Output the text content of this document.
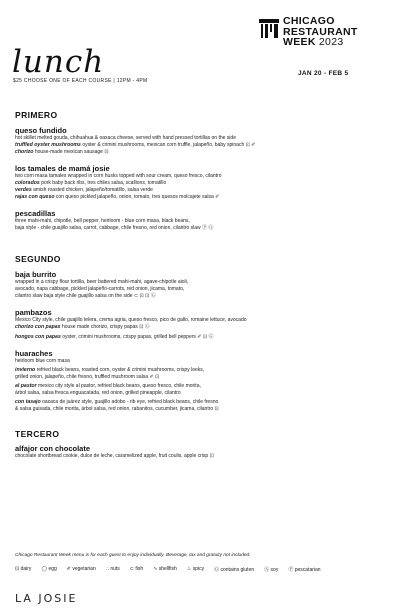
lunch
$25 CHOOSE ONE OF EACH COURSE | 12PM - 4PM
CHICAGO
RESTAURANT
WEEK 2023
JAN 20 - FEB 5
PRIMERO
queso fundido
hot skillet melted gouda, chihuahua & oaxaca cheese, served with hand pressed tortillas on the side
truffled oyster mushrooms oyster & crimini mushrooms, mexican corn truffle, jalapeño, baby spinach ⊡ ✐
chorizo house-made mexican sausage ⊡
los tamales de mamá josie
two corn masa tamales wrapped in corn husks topped with sour cream, queso fresco, cilantro
colorados pork baby back ribs, tres chiles salsa, scallions, tomatillo
verdes amish roasted chicken, jalapeño/tomatillo, salsa verde
rajas con queso con queso pickled jalapeño, onion, tomato, tres quesos molcajete salsa ✐
pescadillas
three mahi-mahi, chipotle, bell pepper, heirloom - blue corn masa, black beans,
baja style - chile guajillo salsa, carrot, cabbage, chile fresno, red onion, cilantro slaw Ⓟ Ⓖ
SEGUNDO
baja burrito
wrapped in a crispy flour tortilla, beer battered mahi-mahi, agave-chipotle aioli,
avocado, napa cabbage, pickled jalapeño-carrots, red onion, jicama, tomato,
cilantro slaw baja style chile guajillo salsa on the side ⊂ ⊡ ⊡ Ⓖ
pambazos
Mexico City style, chile guajillo telera, crema agria, queso fresco, pico de gallo, romaine lettuce, avocado
chorizo con papas house made chorizo, crispy papas ⊡ Ⓖ
hongos con papas oyster, crimini mushrooms, crispy papas, grilled bell peppers ✐ ⊡ Ⓖ
huaraches
heirloom blue corn masa
invierno refried black beans, roasted corn, oyster & crimini mushrooms, crispy leeks,
grilled onion, jalapeño, chile fresno, truffled mushroom salsa ✐ ⊡
al pastor mexico city style al pastor, refried black beans, queso fresco, chile morita,
árbol salsa, salsa fresca enguacatada, red onion, grilled pineapple, cilantro
con tasajo oaxaca de juárez style, guajillo adobo - rib eye, refried black beans, chile fresno
& salsa guisada, chile morita, árbol salsa, red onion, rabanitos, cucumber, jicama, cilantro ⊡
TERCERO
alfajor con chocolate
chocolate shortbread cookie, dulce de leche, caramelized apple, fruit coulis, apple crisp ⊡
Chicago Restaurant Week menu is for each guest to enjoy individually. Beverage, tax and gratuity not included.
⊡ dairy ◯ egg ✐ vegetarian ∴ nuts ⊂ fish ∿ shellfish ♨ spicy Ⓖ contains gluten Ⓢ soy Ⓟ pescatarian
LA JOSIE
